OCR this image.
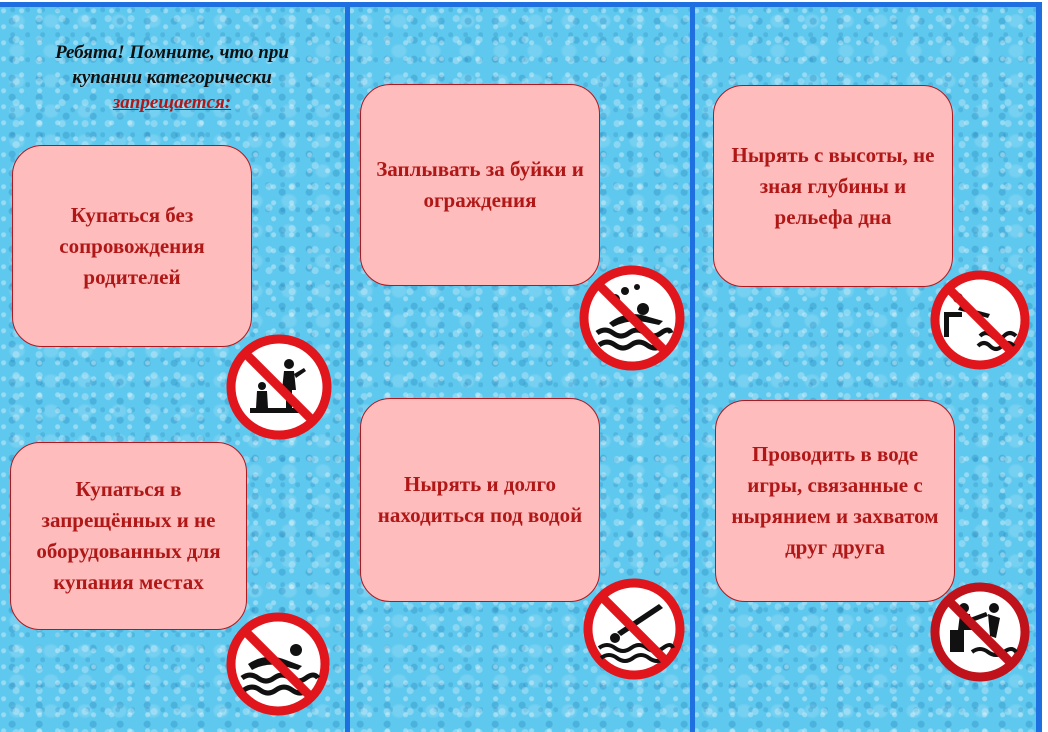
Ребята! Помните, что при
купании категорически
запрещается:
Купаться без сопровождения родителей
Купаться в запрещённых и не оборудованных для купания местах
Заплывать за буйки и ограждения
Нырять и долго находиться под водой
Нырять с высоты, не зная глубины и рельефа дна
Проводить в воде игры, связанные с нырянием и захватом друг друга
